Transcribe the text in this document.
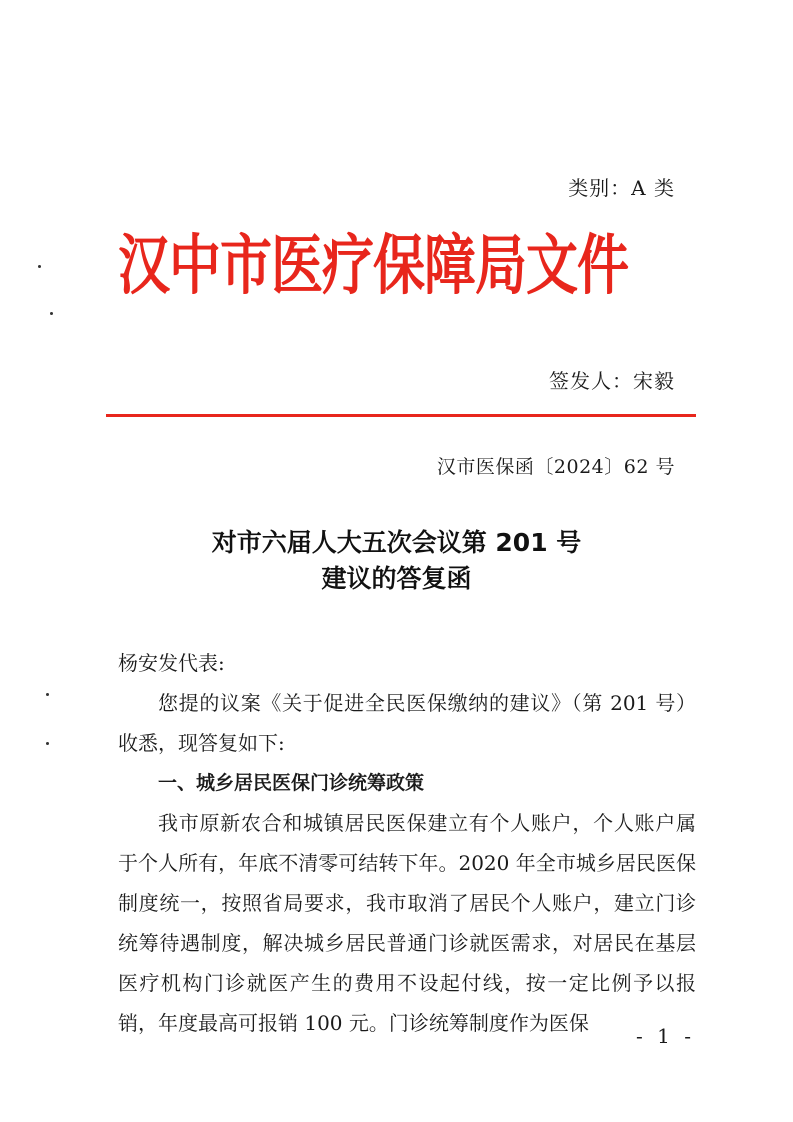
类别：A 类
汉中市医疗保障局文件
签发人：宋毅
汉市医保函〔2024〕62 号
对市六届人大五次会议第 201 号
建议的答复函

杨安发代表:

您提的议案《关于促进全民医保缴纳的建议》（第 201 号）收悉，现答复如下:

一、城乡居民医保门诊统筹政策

我市原新农合和城镇居民医保建立有个人账户，个人账户属于个人所有，年底不清零可结转下年。2020 年全市城乡居民医保制度统一，按照省局要求，我市取消了居民个人账户，建立门诊统筹待遇制度，解决城乡居民普通门诊就医需求，对居民在基层医疗机构门诊就医产生的费用不设起付线，按一定比例予以报销，年度最高可报销 100 元。门诊统筹制度作为医保

- 1 -
